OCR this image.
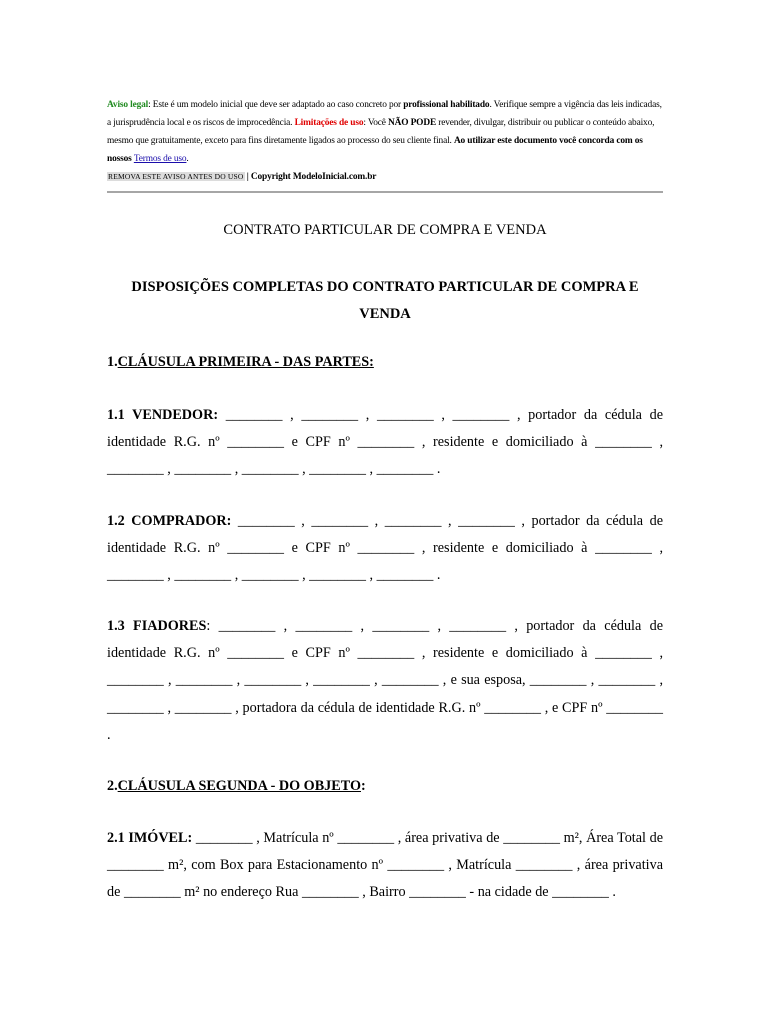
Aviso legal: Este é um modelo inicial que deve ser adaptado ao caso concreto por profissional habilitado. Verifique sempre a vigência das leis indicadas, a jurisprudência local e os riscos de improcedência. Limitações de uso: Você NÃO PODE revender, divulgar, distribuir ou publicar o conteúdo abaixo, mesmo que gratuitamente, exceto para fins diretamente ligados ao processo do seu cliente final. Ao utilizar este documento você concorda com os nossos Termos de uso.
REMOVA ESTE AVISO ANTES DO USO | Copyright ModeloInicial.com.br
CONTRATO PARTICULAR DE COMPRA E VENDA
DISPOSIÇÕES COMPLETAS DO CONTRATO PARTICULAR DE COMPRA E VENDA
1.CLÁUSULA PRIMEIRA - DAS PARTES:
1.1 VENDEDOR: ________ , ________ , ________ , ________ , portador da cédula de identidade R.G. nº ________ e CPF nº ________ , residente e domiciliado à ________ , ________ , ________ , ________ , ________ , ________ .
1.2 COMPRADOR: ________ , ________ , ________ , ________ , portador da cédula de identidade R.G. nº ________ e CPF nº ________ , residente e domiciliado à ________ , ________ , ________ , ________ , ________ , ________ .
1.3 FIADORES: ________ , ________ , ________ , ________ , portador da cédula de identidade R.G. nº ________ e CPF nº ________ , residente e domiciliado à ________ , ________ , ________ , ________ , ________ , ________ , e sua esposa, ________ , ________ , ________ , ________ , portadora da cédula de identidade R.G. nº ________ , e CPF nº ________ .
2.CLÁUSULA SEGUNDA - DO OBJETO:
2.1 IMÓVEL: ________ , Matrícula nº ________ , área privativa de ________ m², Área Total de ________ m², com Box para Estacionamento nº ________ , Matrícula ________ , área privativa de ________ m² no endereço Rua ________ , Bairro ________ - na cidade de ________ .
